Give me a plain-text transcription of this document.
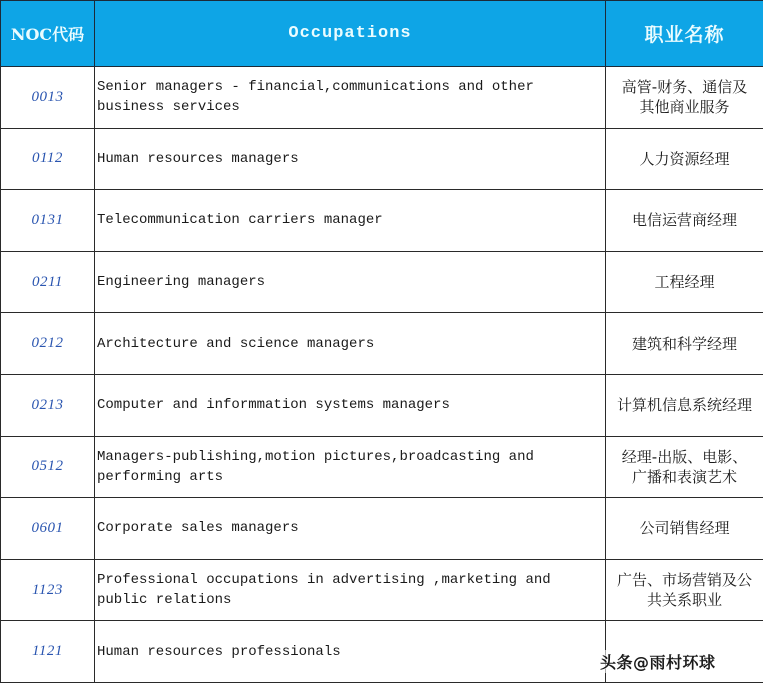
NOC代码	Occupations	职业名称
0013	Senior managers - financial,communications and other business services	高管-财务、通信及
其他商业服务
0112	Human resources managers	人力资源经理
0131	Telecommunication carriers manager	电信运营商经理
0211	Engineering managers	工程经理
0212	Architecture and science managers	建筑和科学经理
0213	Computer and informmation systems managers	计算机信息系统经理
0512	Managers-publishing,motion pictures,broadcasting and performing arts	经理-出版、电影、
广播和表演艺术
0601	Corporate sales managers	公司销售经理
1123	Professional occupations in advertising ,marketing and public relations	广告、市场营销及公
共关系职业
1121	Human resources professionals	
头条@雨村环球
